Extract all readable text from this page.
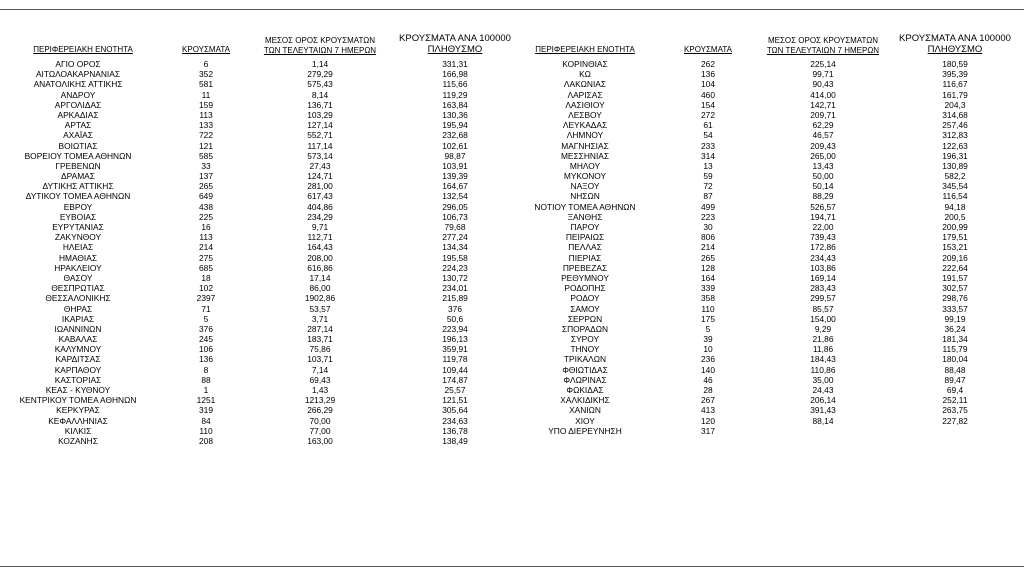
ΠΕΡΙΦΕΡΕΙΑΚΗ ΕΝΟΤΗΤΑ	ΚΡΟΥΣΜΑΤΑ
ΜΕΣΟΣ ΟΡΟΣ ΚΡΟΥΣΜΑΤΩΝ
ΤΩΝ ΤΕΛΕΥΤΑΙΩΝ 7 ΗΜΕΡΩΝ
ΚΡΟΥΣΜΑΤΑ ΑΝΑ 100000
ΠΛΗΘΥΣΜΟ	ΠΕΡΙΦΕΡΕΙΑΚΗ ΕΝΟΤΗΤΑ	ΚΡΟΥΣΜΑΤΑ
ΜΕΣΟΣ ΟΡΟΣ ΚΡΟΥΣΜΑΤΩΝ
ΤΩΝ ΤΕΛΕΥΤΑΙΩΝ 7 ΗΜΕΡΩΝ
ΚΡΟΥΣΜΑΤΑ ΑΝΑ 100000
ΠΛΗΘΥΣΜΟ
ΑΓΙΟ ΟΡΟΣ	6	1,14	331,31
ΑΙΤΩΛΟΑΚΑΡΝΑΝΙΑΣ	352	279,29	166,98
ΑΝΑΤΟΛΙΚΗΣ ΑΤΤΙΚΗΣ	581	575,43	115,66
ΑΝΔΡΟΥ	11	8,14	119,29
ΑΡΓΟΛΙΔΑΣ	159	136,71	163,84
ΑΡΚΑΔΙΑΣ	113	103,29	130,36
ΑΡΤΑΣ	133	127,14	195,94
ΑΧΑΪΑΣ	722	552,71	232,68
ΒΟΙΩΤΙΑΣ	121	117,14	102,61
ΒΟΡΕΙΟΥ ΤΟΜΕΑ ΑΘΗΝΩΝ	585	573,14	98,87
ΓΡΕΒΕΝΩΝ	33	27,43	103,91
ΔΡΑΜΑΣ	137	124,71	139,39
ΔΥΤΙΚΗΣ ΑΤΤΙΚΗΣ	265	281,00	164,67
ΔΥΤΙΚΟΥ ΤΟΜΕΑ ΑΘΗΝΩΝ	649	617,43	132,54
ΕΒΡΟΥ	438	404,86	296,05
ΕΥΒΟΙΑΣ	225	234,29	106,73
ΕΥΡΥΤΑΝΙΑΣ	16	9,71	79,68
ΖΑΚΥΝΘΟΥ	113	112,71	277,24
ΗΛΕΙΑΣ	214	164,43	134,34
ΗΜΑΘΙΑΣ	275	208,00	195,58
ΗΡΑΚΛΕΙΟΥ	685	616,86	224,23
ΘΑΣΟΥ	18	17,14	130,72
ΘΕΣΠΡΩΤΙΑΣ	102	86,00	234,01
ΘΕΣΣΑΛΟΝΙΚΗΣ	2397	1902,86	215,89
ΘΗΡΑΣ	71	53,57	376
ΙΚΑΡΙΑΣ	5	3,71	50,6
ΙΩΑΝΝΙΝΩΝ	376	287,14	223,94
ΚΑΒΑΛΑΣ	245	183,71	196,13
ΚΑΛΥΜΝΟΥ	106	75,86	359,91
ΚΑΡΔΙΤΣΑΣ	136	103,71	119,78
ΚΑΡΠΑΘΟΥ	8	7,14	109,44
ΚΑΣΤΟΡΙΑΣ	88	69,43	174,87
ΚΕΑΣ - ΚΥΘΝΟΥ	1	1,43	25,57
ΚΕΝΤΡΙΚΟΥ ΤΟΜΕΑ ΑΘΗΝΩΝ	1251	1213,29	121,51
ΚΕΡΚΥΡΑΣ	319	266,29	305,64
ΚΕΦΑΛΛΗΝΙΑΣ	84	70,00	234,63
ΚΙΛΚΙΣ	110	77,00	136,78
ΚΟΖΑΝΗΣ	208	163,00	138,49
ΚΟΡΙΝΘΙΑΣ	262	225,14	180,59
ΚΩ	136	99,71	395,39
ΛΑΚΩΝΙΑΣ	104	90,43	116,67
ΛΑΡΙΣΑΣ	460	414,00	161,79
ΛΑΣΙΘΙΟΥ	154	142,71	204,3
ΛΕΣΒΟΥ	272	209,71	314,68
ΛΕΥΚΑΔΑΣ	61	62,29	257,46
ΛΗΜΝΟΥ	54	46,57	312,83
ΜΑΓΝΗΣΙΑΣ	233	209,43	122,63
ΜΕΣΣΗΝΙΑΣ	314	265,00	196,31
ΜΗΛΟΥ	13	13,43	130,89
ΜΥΚΟΝΟΥ	59	50,00	582,2
ΝΑΞΟΥ	72	50,14	345,54
ΝΗΣΩΝ	87	88,29	116,54
ΝΟΤΙΟΥ ΤΟΜΕΑ ΑΘΗΝΩΝ	499	526,57	94,18
ΞΑΝΘΗΣ	223	194,71	200,5
ΠΑΡΟΥ	30	22,00	200,99
ΠΕΙΡΑΙΩΣ	806	739,43	179,51
ΠΕΛΛΑΣ	214	172,86	153,21
ΠΙΕΡΙΑΣ	265	234,43	209,16
ΠΡΕΒΕΖΑΣ	128	103,86	222,64
ΡΕΘΥΜΝΟΥ	164	169,14	191,57
ΡΟΔΟΠΗΣ	339	283,43	302,57
ΡΟΔΟΥ	358	299,57	298,76
ΣΑΜΟΥ	110	85,57	333,57
ΣΕΡΡΩΝ	175	154,00	99,19
ΣΠΟΡΑΔΩΝ	5	9,29	36,24
ΣΥΡΟΥ	39	21,86	181,34
ΤΗΝΟΥ	10	11,86	115,79
ΤΡΙΚΑΛΩΝ	236	184,43	180,04
ΦΘΙΩΤΙΔΑΣ	140	110,86	88,48
ΦΛΩΡΙΝΑΣ	46	35,00	89,47
ΦΩΚΙΔΑΣ	28	24,43	69,4
ΧΑΛΚΙΔΙΚΗΣ	267	206,14	252,11
ΧΑΝΙΩΝ	413	391,43	263,75
ΧΙΟΥ	120	88,14	227,82
ΥΠΟ ΔΙΕΡΕΥΝΗΣΗ	317
